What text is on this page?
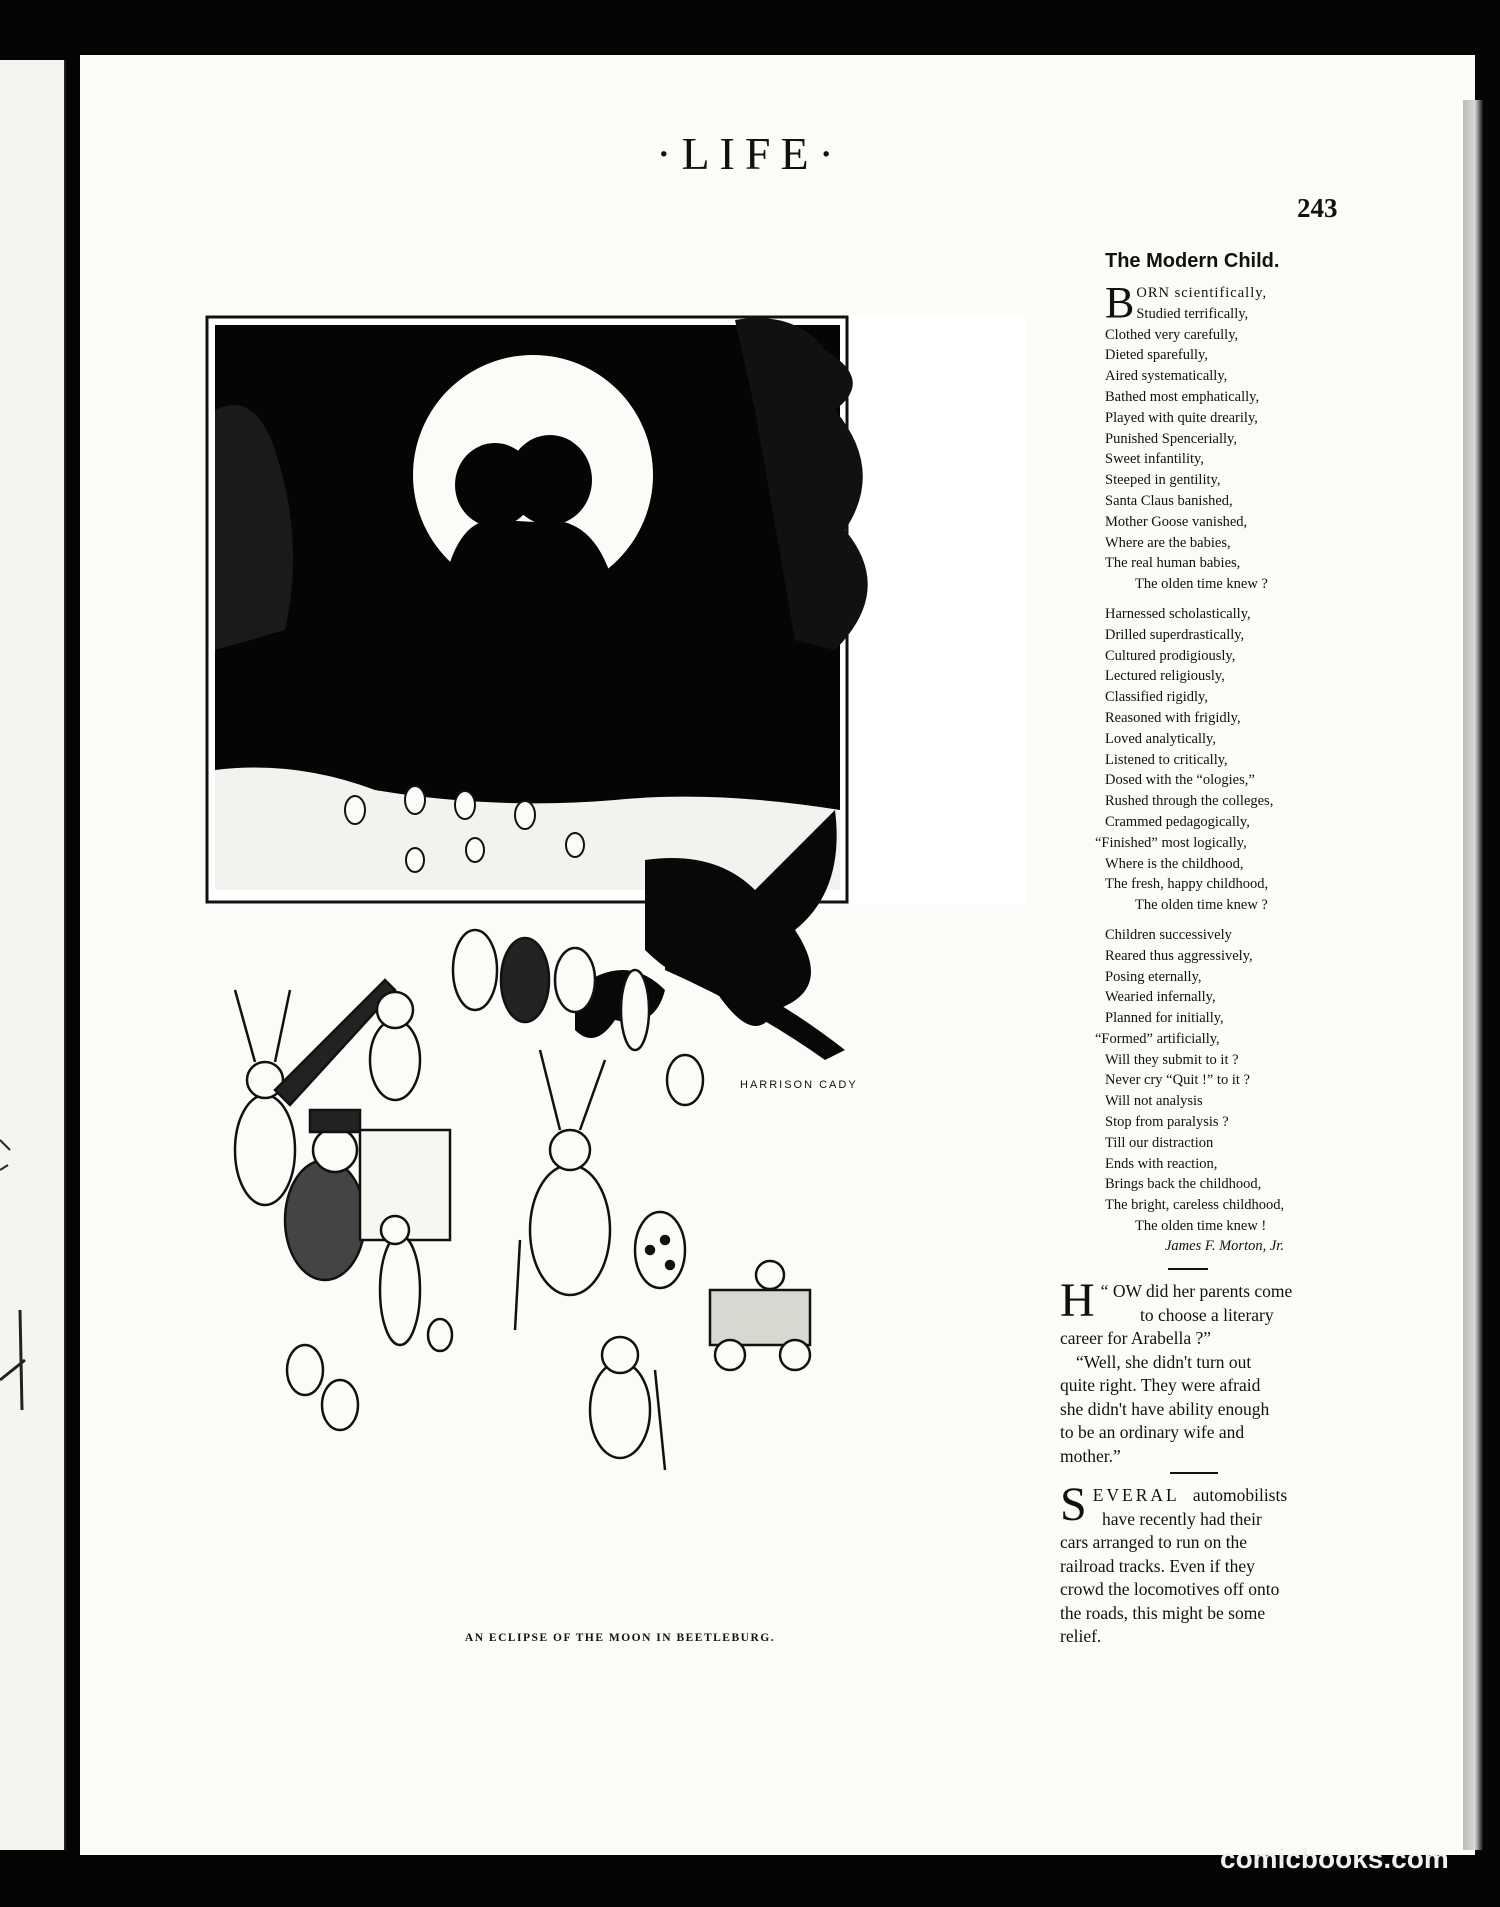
·LIFE·
243
HARRISON CADY
AN ECLIPSE OF THE MOON IN BEETLEBURG.
The Modern Child.
BORN scientifically,
Studied terrifically,
Clothed very carefully,
Dieted sparefully,
Aired systematically,
Bathed most emphatically,
Played with quite drearily,
Punished Spencerially,
Sweet infantility,
Steeped in gentility,
Santa Claus banished,
Mother Goose vanished,
Where are the babies,
The real human babies,
The olden time knew ?
Harnessed scholastically,
Drilled superdrastically,
Cultured prodigiously,
Lectured religiously,
Classified rigidly,
Reasoned with frigidly,
Loved analytically,
Listened to critically,
Dosed with the “ologies,”
Rushed through the colleges,
Crammed pedagogically,
“Finished” most logically,
Where is the childhood,
The fresh, happy childhood,
The olden time knew ?
Children successively
Reared thus aggressively,
Posing eternally,
Wearied infernally,
Planned for initially,
“Formed” artificially,
Will they submit to it ?
Never cry “Quit !” to it ?
Will not analysis
Stop from paralysis ?
Till our distraction
Ends with reaction,
Brings back the childhood,
The bright, careless childhood,
The olden time knew !
James F. Morton, Jr.
“
H OW did her parents come
to choose a literary
career for Arabella ?”
“Well, she didn't turn out
quite right. They were afraid
she didn't have ability enough
to be an ordinary wife and
mother.”
S EVERAL automobilists
have recently had their
cars arranged to run on the
railroad tracks. Even if they
crowd the locomotives off onto
the roads, this might be some
relief.
comicbooks.com
